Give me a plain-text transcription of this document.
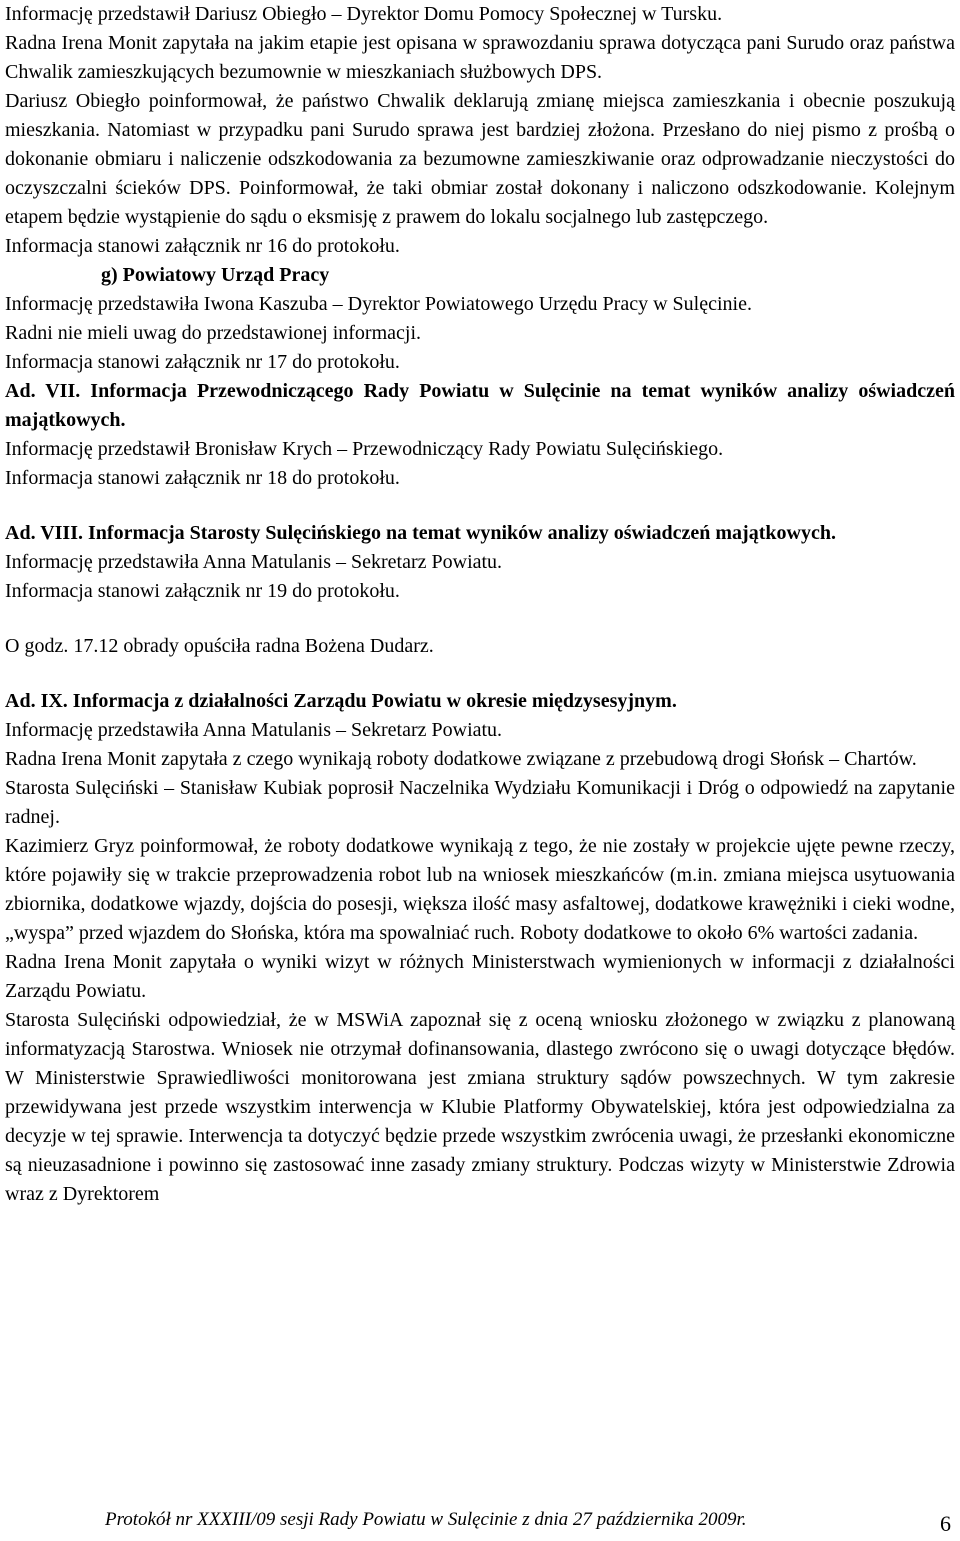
Informację przedstawił Dariusz Obiegło – Dyrektor Domu Pomocy Społecznej w Tursku.

Radna Irena Monit zapytała na jakim etapie jest opisana w sprawozdaniu sprawa dotycząca pani Surudo oraz państwa Chwalik zamieszkujących bezumownie w mieszkaniach służbowych DPS.

Dariusz Obiegło poinformował, że państwo Chwalik deklarują zmianę miejsca zamieszkania i obecnie poszukują mieszkania. Natomiast w przypadku pani Surudo sprawa jest bardziej złożona. Przesłano do niej pismo z prośbą o dokonanie obmiaru i naliczenie odszkodowania za bezumowne zamieszkiwanie oraz odprowadzanie nieczystości do oczyszczalni ścieków DPS. Poinformował, że taki obmiar został dokonany i naliczono odszkodowanie. Kolejnym etapem będzie wystąpienie do sądu o eksmisję z prawem do lokalu socjalnego lub zastępczego.

Informacja stanowi załącznik nr 16 do protokołu.

g) Powiatowy Urząd Pracy

Informację przedstawiła Iwona Kaszuba – Dyrektor Powiatowego Urzędu Pracy w Sulęcinie.

Radni nie mieli uwag do przedstawionej informacji.

Informacja stanowi załącznik nr 17 do protokołu.

Ad. VII. Informacja Przewodniczącego Rady Powiatu w Sulęcinie na temat wyników analizy oświadczeń majątkowych.

Informację przedstawił Bronisław Krych – Przewodniczący Rady Powiatu Sulęcińskiego.

Informacja stanowi załącznik nr 18 do protokołu.

Ad. VIII. Informacja Starosty Sulęcińskiego na temat wyników analizy oświadczeń majątkowych.

Informację przedstawiła Anna Matulanis – Sekretarz Powiatu.

Informacja stanowi załącznik nr 19 do protokołu.

O godz. 17.12 obrady opuściła radna Bożena Dudarz.

Ad. IX. Informacja z działalności Zarządu Powiatu w okresie międzysesyjnym.

Informację przedstawiła Anna Matulanis – Sekretarz Powiatu.

Radna Irena Monit zapytała z czego wynikają roboty dodatkowe związane z przebudową drogi Słońsk – Chartów.

Starosta Sulęciński – Stanisław Kubiak poprosił Naczelnika Wydziału Komunikacji i Dróg o odpowiedź na zapytanie radnej.

Kazimierz Gryz poinformował, że roboty dodatkowe wynikają z tego, że nie zostały w projekcie ujęte pewne rzeczy, które pojawiły się w trakcie przeprowadzenia robot lub na wniosek mieszkańców (m.in. zmiana miejsca usytuowania zbiornika, dodatkowe wjazdy, dojścia do posesji, większa ilość masy asfaltowej, dodatkowe krawężniki i cieki wodne, „wyspa” przed wjazdem do Słońska, która ma spowalniać ruch. Roboty dodatkowe to około 6% wartości zadania.

Radna Irena Monit zapytała o wyniki wizyt w różnych Ministerstwach wymienionych w informacji z działalności Zarządu Powiatu.

Starosta Sulęciński odpowiedział, że w MSWiA zapoznał się z oceną wniosku złożonego w związku z planowaną informatyzacją Starostwa. Wniosek nie otrzymał dofinansowania, dlastego zwrócono się o uwagi dotyczące błędów. W Ministerstwie Sprawiedliwości monitorowana jest zmiana struktury sądów powszechnych. W tym zakresie przewidywana jest przede wszystkim interwencja w Klubie Platformy Obywatelskiej, która jest odpowiedzialna za decyzje w tej sprawie. Interwencja ta dotyczyć będzie przede wszystkim zwrócenia uwagi, że przesłanki ekonomiczne są nieuzasadnione i powinno się zastosować inne zasady zmiany struktury. Podczas wizyty w Ministerstwie Zdrowia wraz z Dyrektorem

Protokół nr XXXIII/09 sesji Rady Powiatu w Sulęcinie z dnia 27 października 2009r.	6
